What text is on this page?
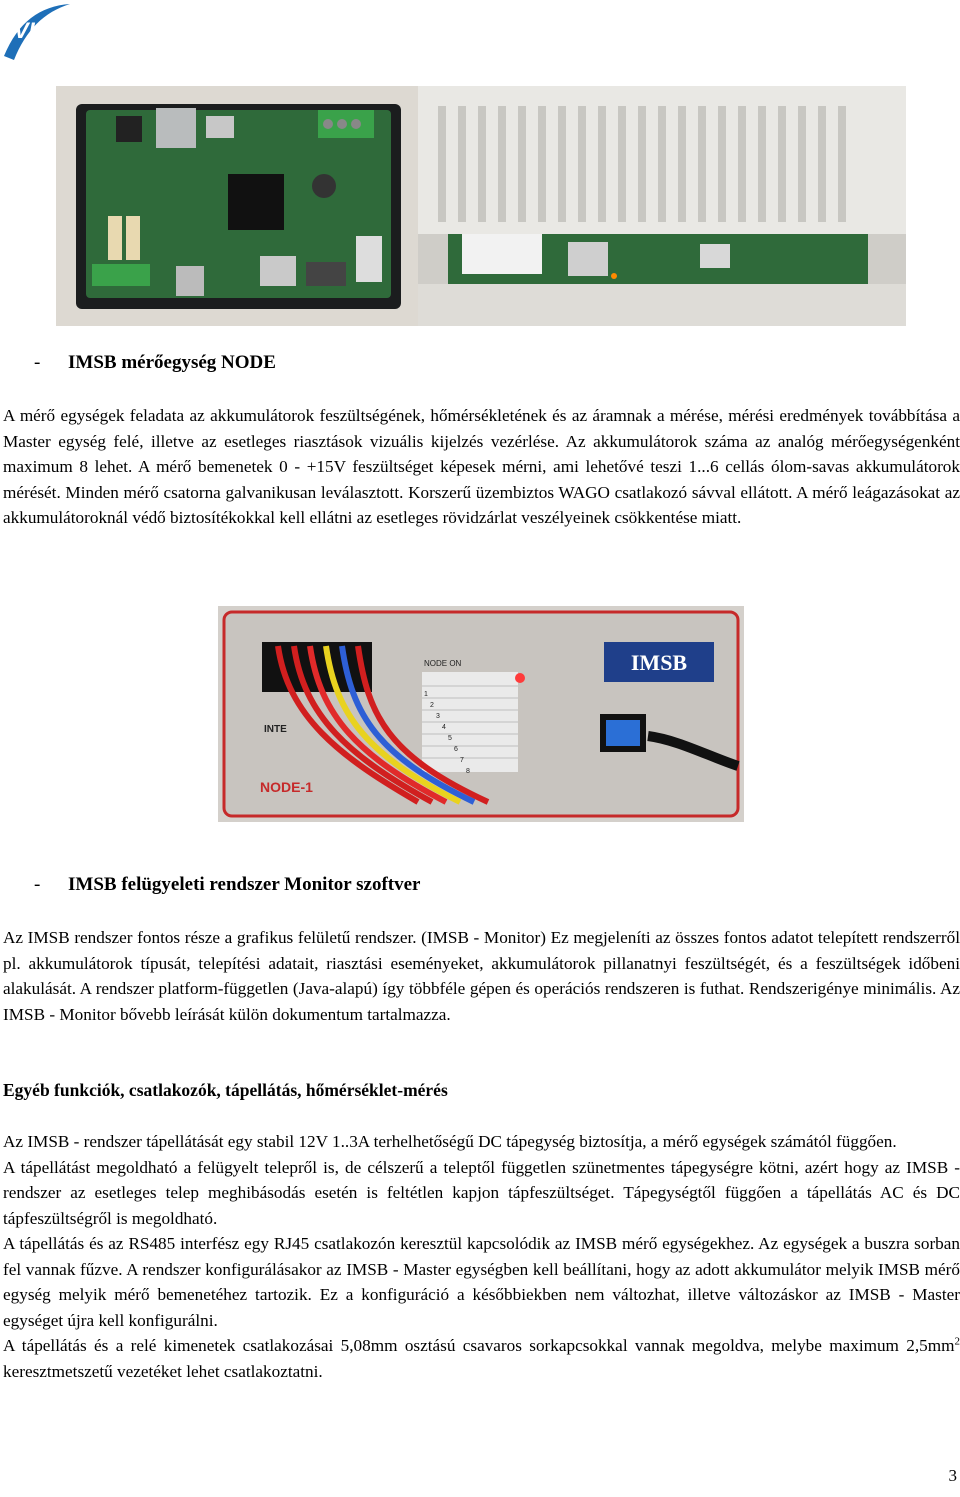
VKI
- IMSB mérőegység NODE

A mérő egységek feladata az akkumulátorok feszültségének, hőmérsékletének és az áramnak a mérése, mérési eredmények továbbítása a Master egység felé, illetve az esetleges riasztások vizuális kijelzés vezérlése. Az akkumulátorok száma az analóg mérőegységenként maximum 8 lehet. A mérő bemenetek 0 - +15V feszültséget képesek mérni, ami lehetővé teszi 1...6 cellás ólom-savas akkumulátorok mérését. Minden mérő csatorna galvanikusan leválasztott. Korszerű üzembiztos WAGO csatlakozó sávval ellátott. A mérő leágazásokat az akkumulátoroknál védő biztosítékokkal kell ellátni az esetleges rövidzárlat veszélyeinek csökkentése miatt.

IMSB
NODE ON
1
2
3
4
5
6
7
8
INTE
NODE-1
- IMSB felügyeleti rendszer Monitor szoftver

Az IMSB rendszer fontos része a grafikus felületű rendszer. (IMSB - Monitor) Ez megjeleníti az összes fontos adatot telepített rendszerről pl. akkumulátorok típusát, telepítési adatait, riasztási eseményeket, akkumulátorok pillanatnyi feszültségét, és a feszültségek időbeni alakulását. A rendszer platform-független (Java-alapú) így többféle gépen és operációs rendszeren is futhat. Rendszerigénye minimális. Az IMSB - Monitor bővebb leírását külön dokumentum tartalmazza.

Egyéb funkciók, csatlakozók, tápellátás, hőmérséklet-mérés

Az IMSB - rendszer tápellátását egy stabil 12V 1..3A terhelhetőségű DC tápegység biztosítja, a mérő egységek számától függően.

A tápellátást megoldható a felügyelt telepről is, de célszerű a teleptől független szünetmentes tápegységre kötni, azért hogy az IMSB - rendszer az esetleges telep meghibásodás esetén is feltétlen kapjon tápfeszültséget. Tápegységtől függően a tápellátás AC és DC tápfeszültségről is megoldható.

A tápellátás és az RS485 interfész egy RJ45 csatlakozón keresztül kapcsolódik az IMSB mérő egységekhez. Az egységek a buszra sorban fel vannak fűzve. A rendszer konfigurálásakor az IMSB - Master egységben kell beállítani, hogy az adott akkumulátor melyik IMSB mérő egység melyik mérő bemenetéhez tartozik. Ez a konfiguráció a későbbiekben nem változhat, illetve változáskor az IMSB - Master egységet újra kell konfigurálni.

A tápellátás és a relé kimenetek csatlakozásai 5,08mm osztású csavaros sorkapcsokkal vannak megoldva, melybe maximum $2,5mm^2$ keresztmetszetű vezetéket lehet csatlakoztatni.

3
